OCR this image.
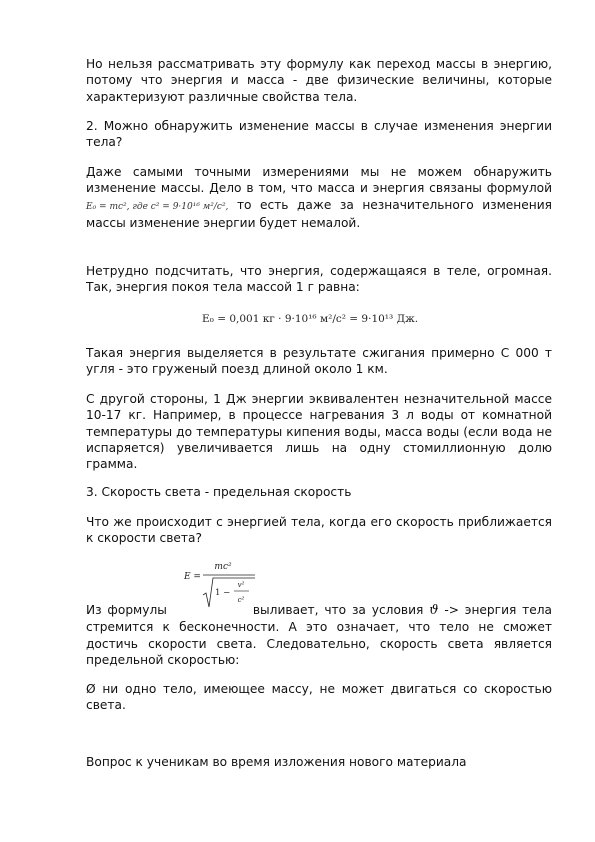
Но нельзя рассматривать эту формулу как переход массы в энергию, потому что энергия и масса - две физические величины, которые характеризуют различные свойства тела.

2. Можно обнаружить изменение массы в случае изменения энергии тела?

Даже самыми точными измерениями мы не можем обнаружить изменение массы. Дело в том, что масса и энергия связаны формулой E₀ = mc², где c² = 9·10¹⁶ м²/с², то есть даже за незначительного изменения массы изменение энергии будет немалой.

Нетрудно подсчитать, что энергия, содержащаяся в теле, огромная. Так, энергия покоя тела массой 1 г равна:

E₀ = 0,001 кг · 9·10¹⁶ м²/с² = 9·10¹³ Дж.

Такая энергия выделяется в результате сжигания примерно С 000 т угля - это груженый поезд длиной около 1 км.

С другой стороны, 1 Дж энергии эквивалентен незначительной массе 10-17 кг. Например, в процессе нагревания 3 л воды от комнатной температуры до температуры кипения воды, масса воды (если вода не испаряется) увеличивается лишь на одну стомиллионную долю грамма.

3. Скорость света - предельная скорость

Что же происходит с энергией тела, когда его скорость приближается к скорости света?

E =
mc²
1 −
v²
c²

Из формулы	выливает, что за условия ϑ -> энергия тела стремится к бесконечности. А это означает, что тело не сможет достичь скорости света. Следовательно, скорость света является предельной скоростью:

Ø ни одно тело, имеющее массу, не может двигаться со скоростью света.

Вопрос к ученикам во время изложения нового материала
